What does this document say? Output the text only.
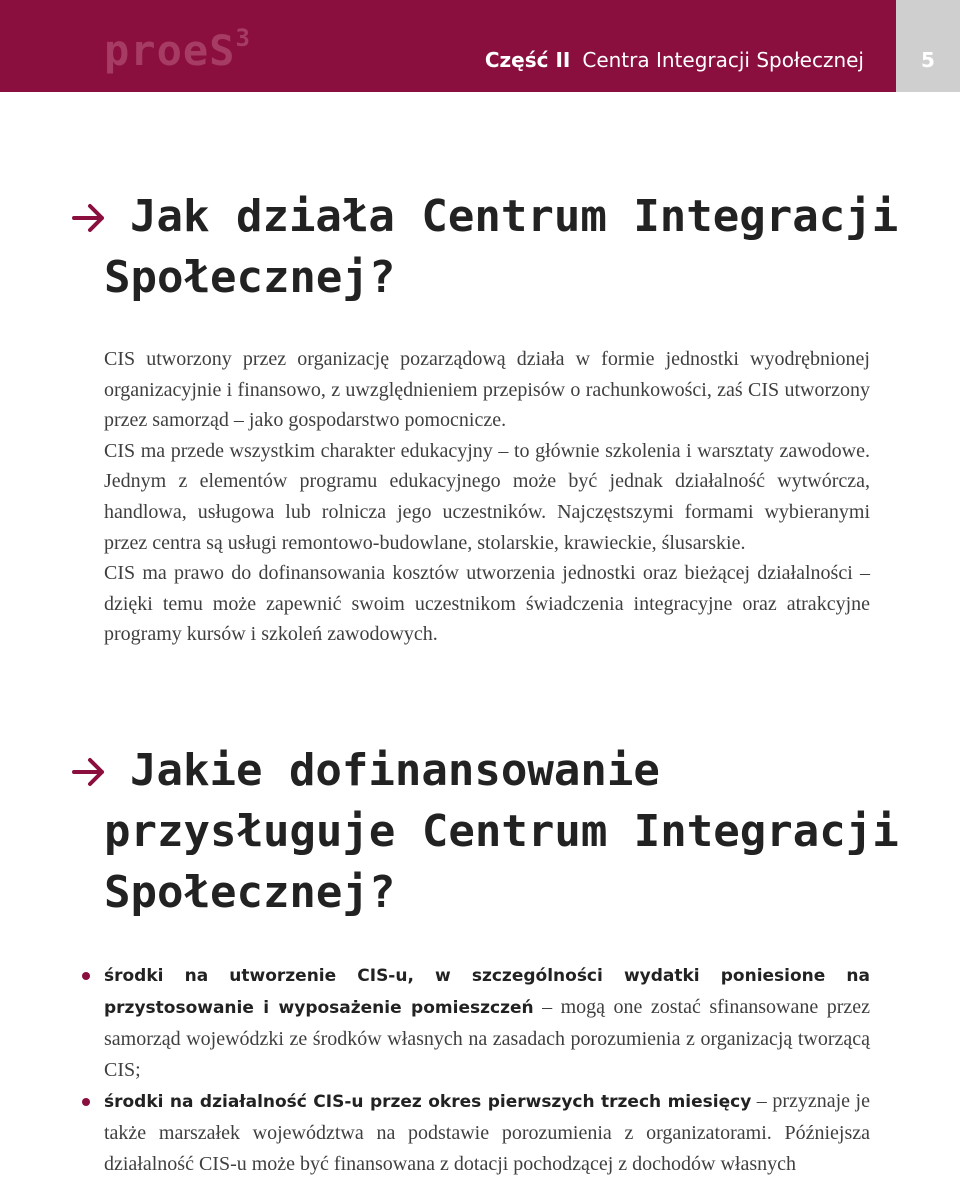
proeS$^3$
Część II Centra Integracji Społecznej	5
Jak działa Centrum Integracji
Społecznej?

CIS utworzony przez organizację pozarządową działa w formie jednostki wyodrębnionej organizacyjnie i finansowo, z uwzględnieniem przepisów o rachunkowości, zaś CIS utworzony przez samorząd – jako gospodarstwo pomocnicze.

CIS ma przede wszystkim charakter edukacyjny – to głównie szkolenia i warsztaty zawodowe. Jednym z elementów programu edukacyjnego może być jednak działalność wytwórcza, handlowa, usługowa lub rolnicza jego uczestników. Najczęstszymi formami wybieranymi przez centra są usługi remontowo-budowlane, stolarskie, krawieckie, ślusarskie.

CIS ma prawo do dofinansowania kosztów utworzenia jednostki oraz bieżącej działalności – dzięki temu może zapewnić swoim uczestnikom świadczenia integracyjne oraz atrakcyjne programy kursów i szkoleń zawodowych.

Jakie dofinansowanie
przysługuje Centrum Integracji
Społecznej?
środki na utworzenie CIS-u, w szczególności wydatki poniesione na przystosowanie i wyposażenie pomieszczeń – mogą one zostać sfinansowane przez samorząd wojewódzki ze środków własnych na zasadach porozumienia z organizacją tworzącą CIS;
środki na działalność CIS-u przez okres pierwszych trzech miesięcy – przyznaje je także marszałek województwa na podstawie porozumienia z organizatorami. Późniejsza działalność CIS-u może być finansowana z dotacji pochodzącej z dochodów własnych
